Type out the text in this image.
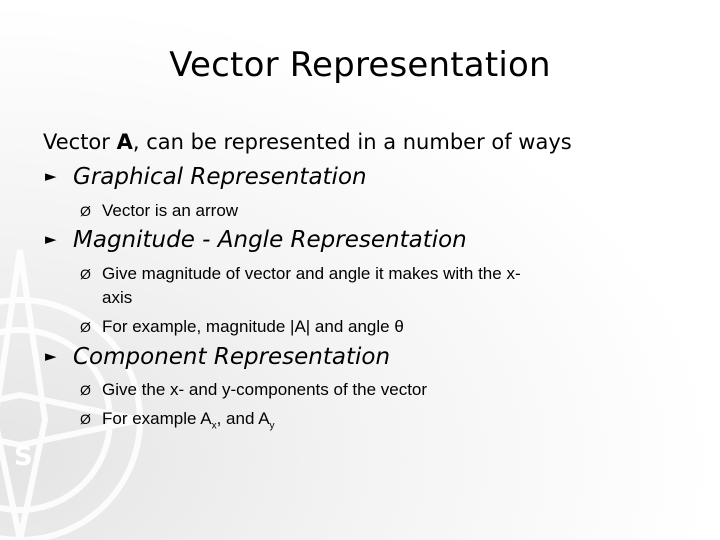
S
Vector Representation
Vector A, can be represented in a number of ways
► Graphical Representation
Ø Vector is an arrow
► Magnitude - Angle Representation
Ø Give magnitude of vector and angle it makes with the x-
axis
Ø For example, magnitude |A| and angle θ
► Component Representation
Ø Give the x- and y-components of the vector
Ø For example $A_x$, and $A_y$
